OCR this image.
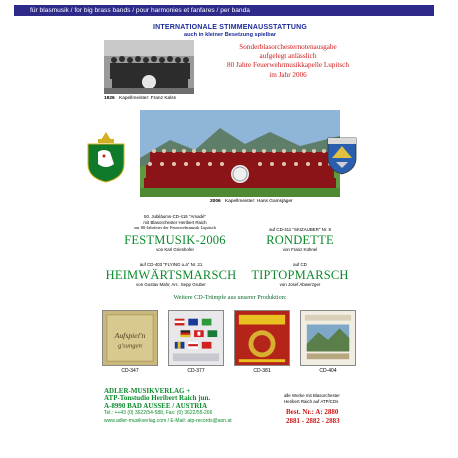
für blasmusik / for big brass bands / pour harmonies et fanfares / per banda
INTERNATIONALE STIMMENAUSSTATTUNG
auch in kleiner Besetzung spielbar
1926 Kapellmeister: Franz Kalss
Sonderblasorchesternotenausgabe
aufgelegt anlässlich
80 Jahre Feuerwehrmusikkapelle Lupitsch
im Jahr 2006
2006 Kapellmeister: Hans Gamsjäger
50. Jubiläums-CD-415 "Amadé"
mit Blasorchester Heribert Raich
zur 80-Jahrfeier der Feuerwehrmusik Lupitsch
FESTMUSIK-2006
von Karl Grieshofer
auf CD-411 "SKIZAUBER" Nr. 8
RONDETTE
von Franz Kühnel
auf CD-403 "FLYING u.a" Nr. 21
HEIMWÄRTSMARSCH
von Gustav Mahr, Arr.. Sepp Gruber
auf CD
TIPTOPMARSCH
von Josef Abwerzger
Weitere CD-Trümpfe aus unserer Produktion:
Aufspiel'n
g'sungen
CD-347	CD-377	CD-381	CD-404
ADLER-MUSIKVERLAG +
ATP-Tonstudio Heribert Raich jun.
A-8990 BAD AUSSEE / AUSTRIA
Tel.: ++43 (0) 3622/54-588, Fax: (0) 3622/55-266
www.adler-musikverlag.com / E-Mail: atp-records@aon.at
alle Werke mit Blasorchester
Heribert Raich auf ATP/CDs
Best. Nr.: A: 2880
2881 - 2882 - 2883
